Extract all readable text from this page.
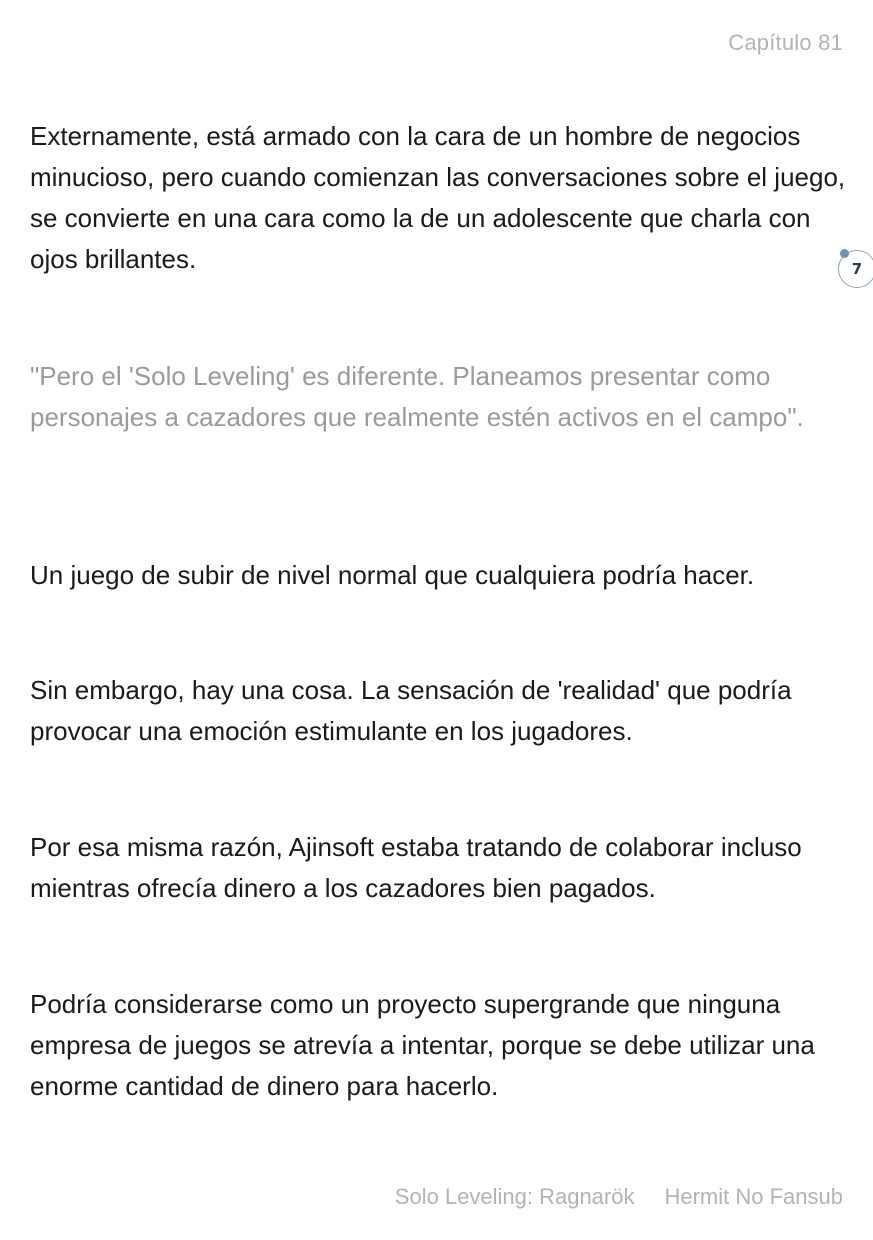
Capítulo 81

Externamente, está armado con la cara de un hombre de negocios minucioso, pero cuando comienzan las conversaciones sobre el juego, se convierte en una cara como la de un adolescente que charla con ojos brillantes.	7

"Pero el 'Solo Leveling' es diferente. Planeamos presentar como personajes a cazadores que realmente estén activos en el campo".

Un juego de subir de nivel normal que cualquiera podría hacer.

Sin embargo, hay una cosa. La sensación de 'realidad' que podría provocar una emoción estimulante en los jugadores.

Por esa misma razón, Ajinsoft estaba tratando de colaborar incluso mientras ofrecía dinero a los cazadores bien pagados.

Podría considerarse como un proyecto supergrande que ninguna empresa de juegos se atrevía a intentar, porque se debe utilizar una enorme cantidad de dinero para hacerlo.

Solo Leveling: Ragnarök Hermit No Fansub
